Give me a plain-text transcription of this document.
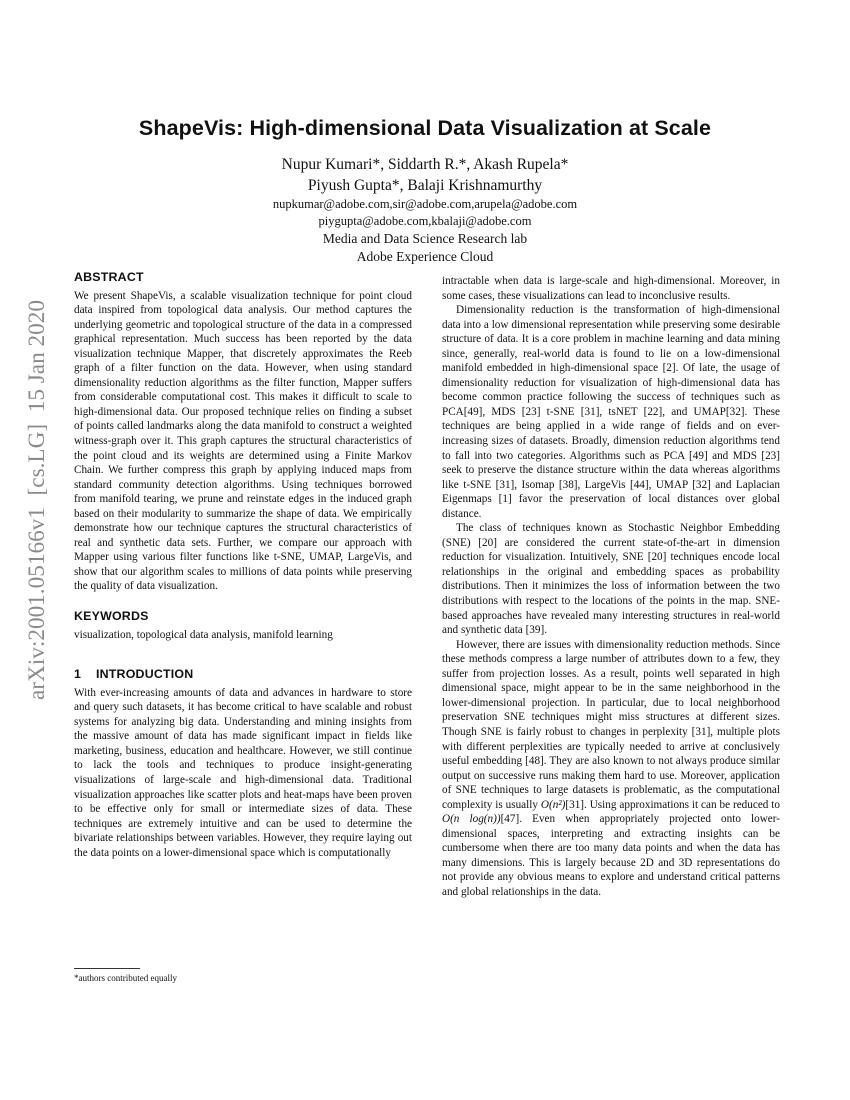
arXiv:2001.05166v1  [cs.LG]  15 Jan 2020
ShapeVis: High-dimensional Data Visualization at Scale
Nupur Kumari*, Siddarth R.*, Akash Rupela*
Piyush Gupta*, Balaji Krishnamurthy
nupkumar@adobe.com,sir@adobe.com,arupela@adobe.com
piygupta@adobe.com,kbalaji@adobe.com
Media and Data Science Research lab
Adobe Experience Cloud
ABSTRACT

We present ShapeVis, a scalable visualization technique for point cloud data inspired from topological data analysis. Our method captures the underlying geometric and topological structure of the data in a compressed graphical representation. Much success has been reported by the data visualization technique Mapper, that discretely approximates the Reeb graph of a filter function on the data. However, when using standard dimensionality reduction algorithms as the filter function, Mapper suffers from considerable computational cost. This makes it difficult to scale to high-dimensional data. Our proposed technique relies on finding a subset of points called landmarks along the data manifold to construct a weighted witness-graph over it. This graph captures the structural characteristics of the point cloud and its weights are determined using a Finite Markov Chain. We further compress this graph by applying induced maps from standard community detection algorithms. Using techniques borrowed from manifold tearing, we prune and reinstate edges in the induced graph based on their modularity to summarize the shape of data. We empirically demonstrate how our technique captures the structural characteristics of real and synthetic data sets. Further, we compare our approach with Mapper using various filter functions like t-SNE, UMAP, LargeVis, and show that our algorithm scales to millions of data points while preserving the quality of data visualization.

KEYWORDS

visualization, topological data analysis, manifold learning

1 INTRODUCTION

With ever-increasing amounts of data and advances in hardware to store and query such datasets, it has become critical to have scalable and robust systems for analyzing big data. Understanding and mining insights from the massive amount of data has made significant impact in fields like marketing, business, education and healthcare. However, we still continue to lack the tools and techniques to produce insight-generating visualizations of large-scale and high-dimensional data. Traditional visualization approaches like scatter plots and heat-maps have been proven to be effective only for small or intermediate sizes of data. These techniques are extremely intuitive and can be used to determine the bivariate relationships between variables. However, they require laying out the data points on a lower-dimensional space which is computationally

intractable when data is large-scale and high-dimensional. Moreover, in some cases, these visualizations can lead to inconclusive results.

Dimensionality reduction is the transformation of high-dimensional data into a low dimensional representation while preserving some desirable structure of data. It is a core problem in machine learning and data mining since, generally, real-world data is found to lie on a low-dimensional manifold embedded in high-dimensional space [2]. Of late, the usage of dimensionality reduction for visualization of high-dimensional data has become common practice following the success of techniques such as PCA[49], MDS [23] t-SNE [31], tsNET [22], and UMAP[32]. These techniques are being applied in a wide range of fields and on ever-increasing sizes of datasets. Broadly, dimension reduction algorithms tend to fall into two categories. Algorithms such as PCA [49] and MDS [23] seek to preserve the distance structure within the data whereas algorithms like t-SNE [31], Isomap [38], LargeVis [44], UMAP [32] and Laplacian Eigenmaps [1] favor the preservation of local distances over global distance.

The class of techniques known as Stochastic Neighbor Embedding (SNE) [20] are considered the current state-of-the-art in dimension reduction for visualization. Intuitively, SNE [20] techniques encode local relationships in the original and embedding spaces as probability distributions. Then it minimizes the loss of information between the two distributions with respect to the locations of the points in the map. SNE-based approaches have revealed many interesting structures in real-world and synthetic data [39].

However, there are issues with dimensionality reduction methods. Since these methods compress a large number of attributes down to a few, they suffer from projection losses. As a result, points well separated in high dimensional space, might appear to be in the same neighborhood in the lower-dimensional projection. In particular, due to local neighborhood preservation SNE techniques might miss structures at different sizes. Though SNE is fairly robust to changes in perplexity [31], multiple plots with different perplexities are typically needed to arrive at conclusively useful embedding [48]. They are also known to not always produce similar output on successive runs making them hard to use. Moreover, application of SNE techniques to large datasets is problematic, as the computational complexity is usually O(n²)[31]. Using approximations it can be reduced to O(n log(n))[47]. Even when appropriately projected onto lower-dimensional spaces, interpreting and extracting insights can be cumbersome when there are too many data points and when the data has many dimensions. This is largely because 2D and 3D representations do not provide any obvious means to explore and understand critical patterns and global relationships in the data.

*authors contributed equally
